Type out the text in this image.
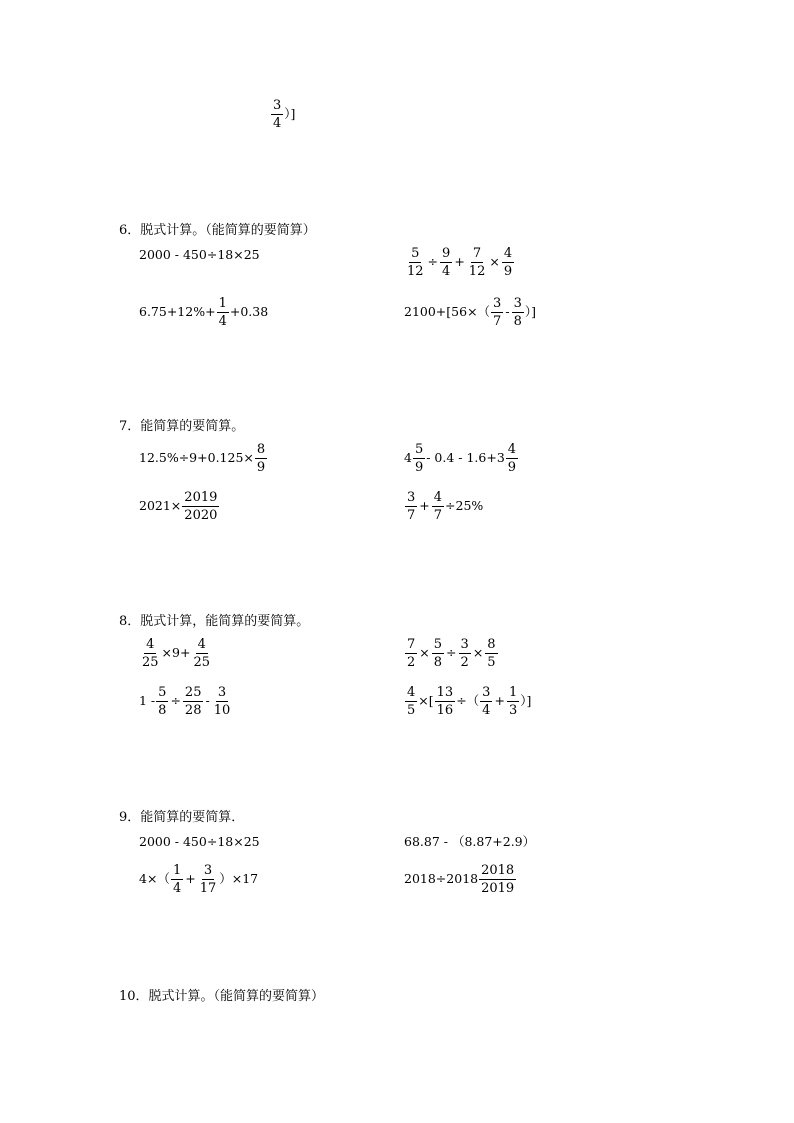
$\frac{3}{4}$ ）]
6．脱式计算。（能简算的要简算）
2000 - 450÷18×25	$\frac{5}{12} \div \frac{9}{4} + \frac{7}{12} \times \frac{4}{9}$
$6.75+12\%+ \frac{1}{4} +0.38$	$2100+[56\times( \frac{3}{7} - \frac{3}{8}$ ）]
7．能简算的要简算。
$12.5\%\div 9+0.125\times \frac{8}{9}$	$4 \frac{5}{9} - 0.4 - 1.6+3 \frac{4}{9}$
$2021\times \frac{2019}{2020}$	$\frac{3}{7} + \frac{4}{7} \div 25\%$
8．脱式计算，能简算的要简算。
$\frac{4}{25} \times 9+ \frac{4}{25}$	$\frac{7}{2} \times \frac{5}{8} \div \frac{3}{2} \times \frac{8}{5}$
$1 - \frac{5}{8} \div \frac{25}{28} - \frac{3}{10}$	$\frac{4}{5}$ ×[ $\frac{13}{16}$ ÷（ $\frac{3}{4} + \frac{1}{3}$ ）]
9．能简算的要简算．
2000 - 450÷18×25	68.87 - （8.87+2.9）
$4\times( \frac{1}{4} + \frac{3}{17} )\times 17$	$2018\div 2018 \frac{2018}{2019}$
10．脱式计算。（能简算的要简算）
